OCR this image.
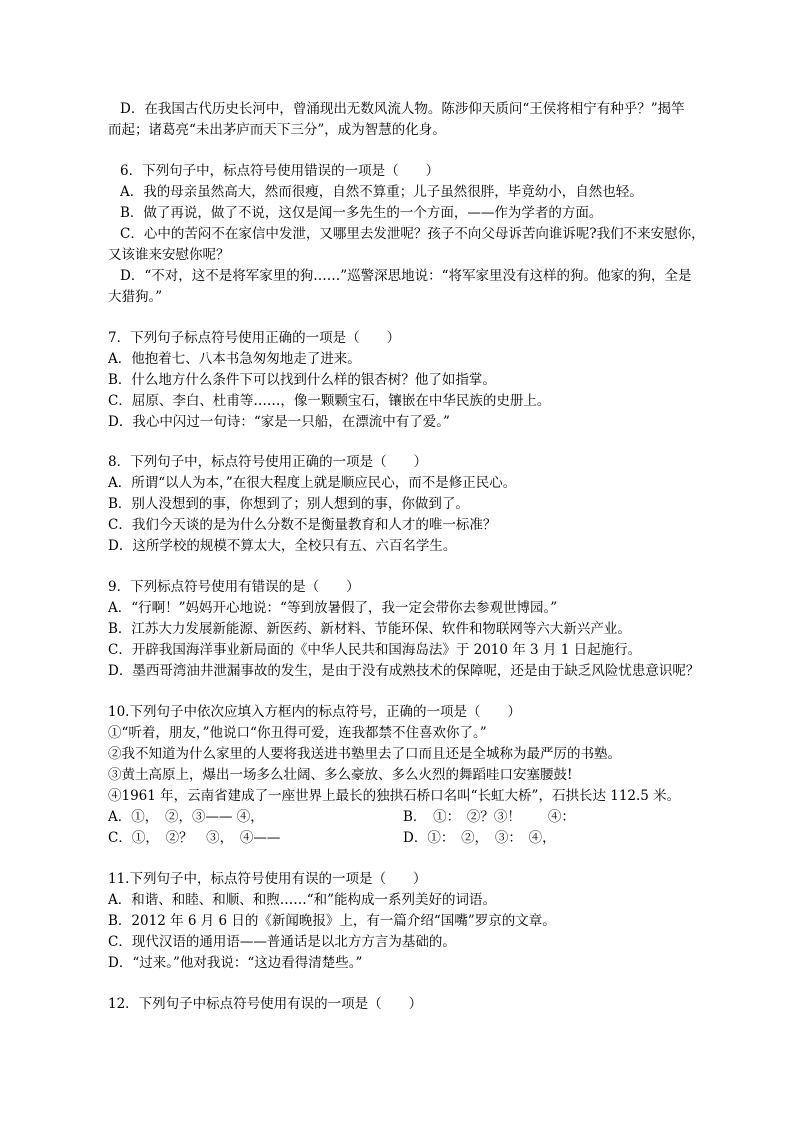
D．在我国古代历史长河中，曾涌现出无数风流人物。陈涉仰天质问“王侯将相宁有种乎？”揭竿
而起；诸葛亮“未出茅庐而天下三分”，成为智慧的化身。
6．下列句子中，标点符号使用错误的一项是（　　）
A．我的母亲虽然高大，然而很瘦，自然不算重；儿子虽然很胖，毕竟幼小，自然也轻。
B．做了再说，做了不说，这仅是闻一多先生的一个方面，——作为学者的方面。
C．心中的苦闷不在家信中发泄，又哪里去发泄呢？孩子不向父母诉苦向谁诉呢?我们不来安慰你，
又该谁来安慰你呢？
D．“不对，这不是将军家里的狗……”巡警深思地说：“将军家里没有这样的狗。他家的狗，全是
大猎狗。”
7．下列句子标点符号使用正确的一项是（　　）
A．他抱着七、八本书急匆匆地走了进来。
B．什么地方什么条件下可以找到什么样的银杏树？他了如指掌。
C．屈原、李白、杜甫等……，像一颗颗宝石，镶嵌在中华民族的史册上。
D．我心中闪过一句诗：“家是一只船，在漂流中有了爱。”
8．下列句子中，标点符号使用正确的一项是（　　）
A．所谓“以人为本，”在很大程度上就是顺应民心，而不是修正民心。
B．别人没想到的事，你想到了；别人想到的事，你做到了。
C．我们今天谈的是为什么分数不是衡量教育和人才的唯一标准？
D．这所学校的规模不算太大，全校只有五、六百名学生。
9．下列标点符号使用有错误的是（　　）
A．“行啊！”妈妈开心地说：“等到放暑假了，我一定会带你去参观世博园。”
B．江苏大力发展新能源、新医药、新材料、节能环保、软件和物联网等六大新兴产业。
C．开辟我国海洋事业新局面的《中华人民共和国海岛法》于 2010 年 3 月 1 日起施行。
D．墨西哥湾油井泄漏事故的发生，是由于没有成熟技术的保障呢，还是由于缺乏风险忧患意识呢？
10.下列句子中依次应填入方框内的标点符号，正确的一项是（　　）
①“听着，朋友，”他说口“你丑得可爱，连我都禁不住喜欢你了。”
②我不知道为什么家里的人要将我送进书塾里去了口而且还是全城称为最严厉的书塾。
③黄土高原上，爆出一场多么壮阔、多么豪放、多么火烈的舞蹈哇口安塞腰鼓!
④1961 年，云南省建成了一座世界上最长的独拱石桥口名叫“长虹大桥”，石拱长达 112.5 米。
A．①，　②，③—— ④，	B．　①：　②？③！　　④：
C．①，　②？　③，　④——	D．①：　②，　③：　④，
11.下列句子中，标点符号使用有误的一项是（　　）
A．和谐、和睦、和顺、和煦……“和”能构成一系列美好的词语。
B．2012 年 6 月 6 日的《新闻晚报》上，有一篇介绍“国嘴”罗京的文章。
C．现代汉语的通用语——普通话是以北方方言为基础的。
D．“过来。”他对我说：“这边看得清楚些。”
12．下列句子中标点符号使用有误的一项是（　　）
